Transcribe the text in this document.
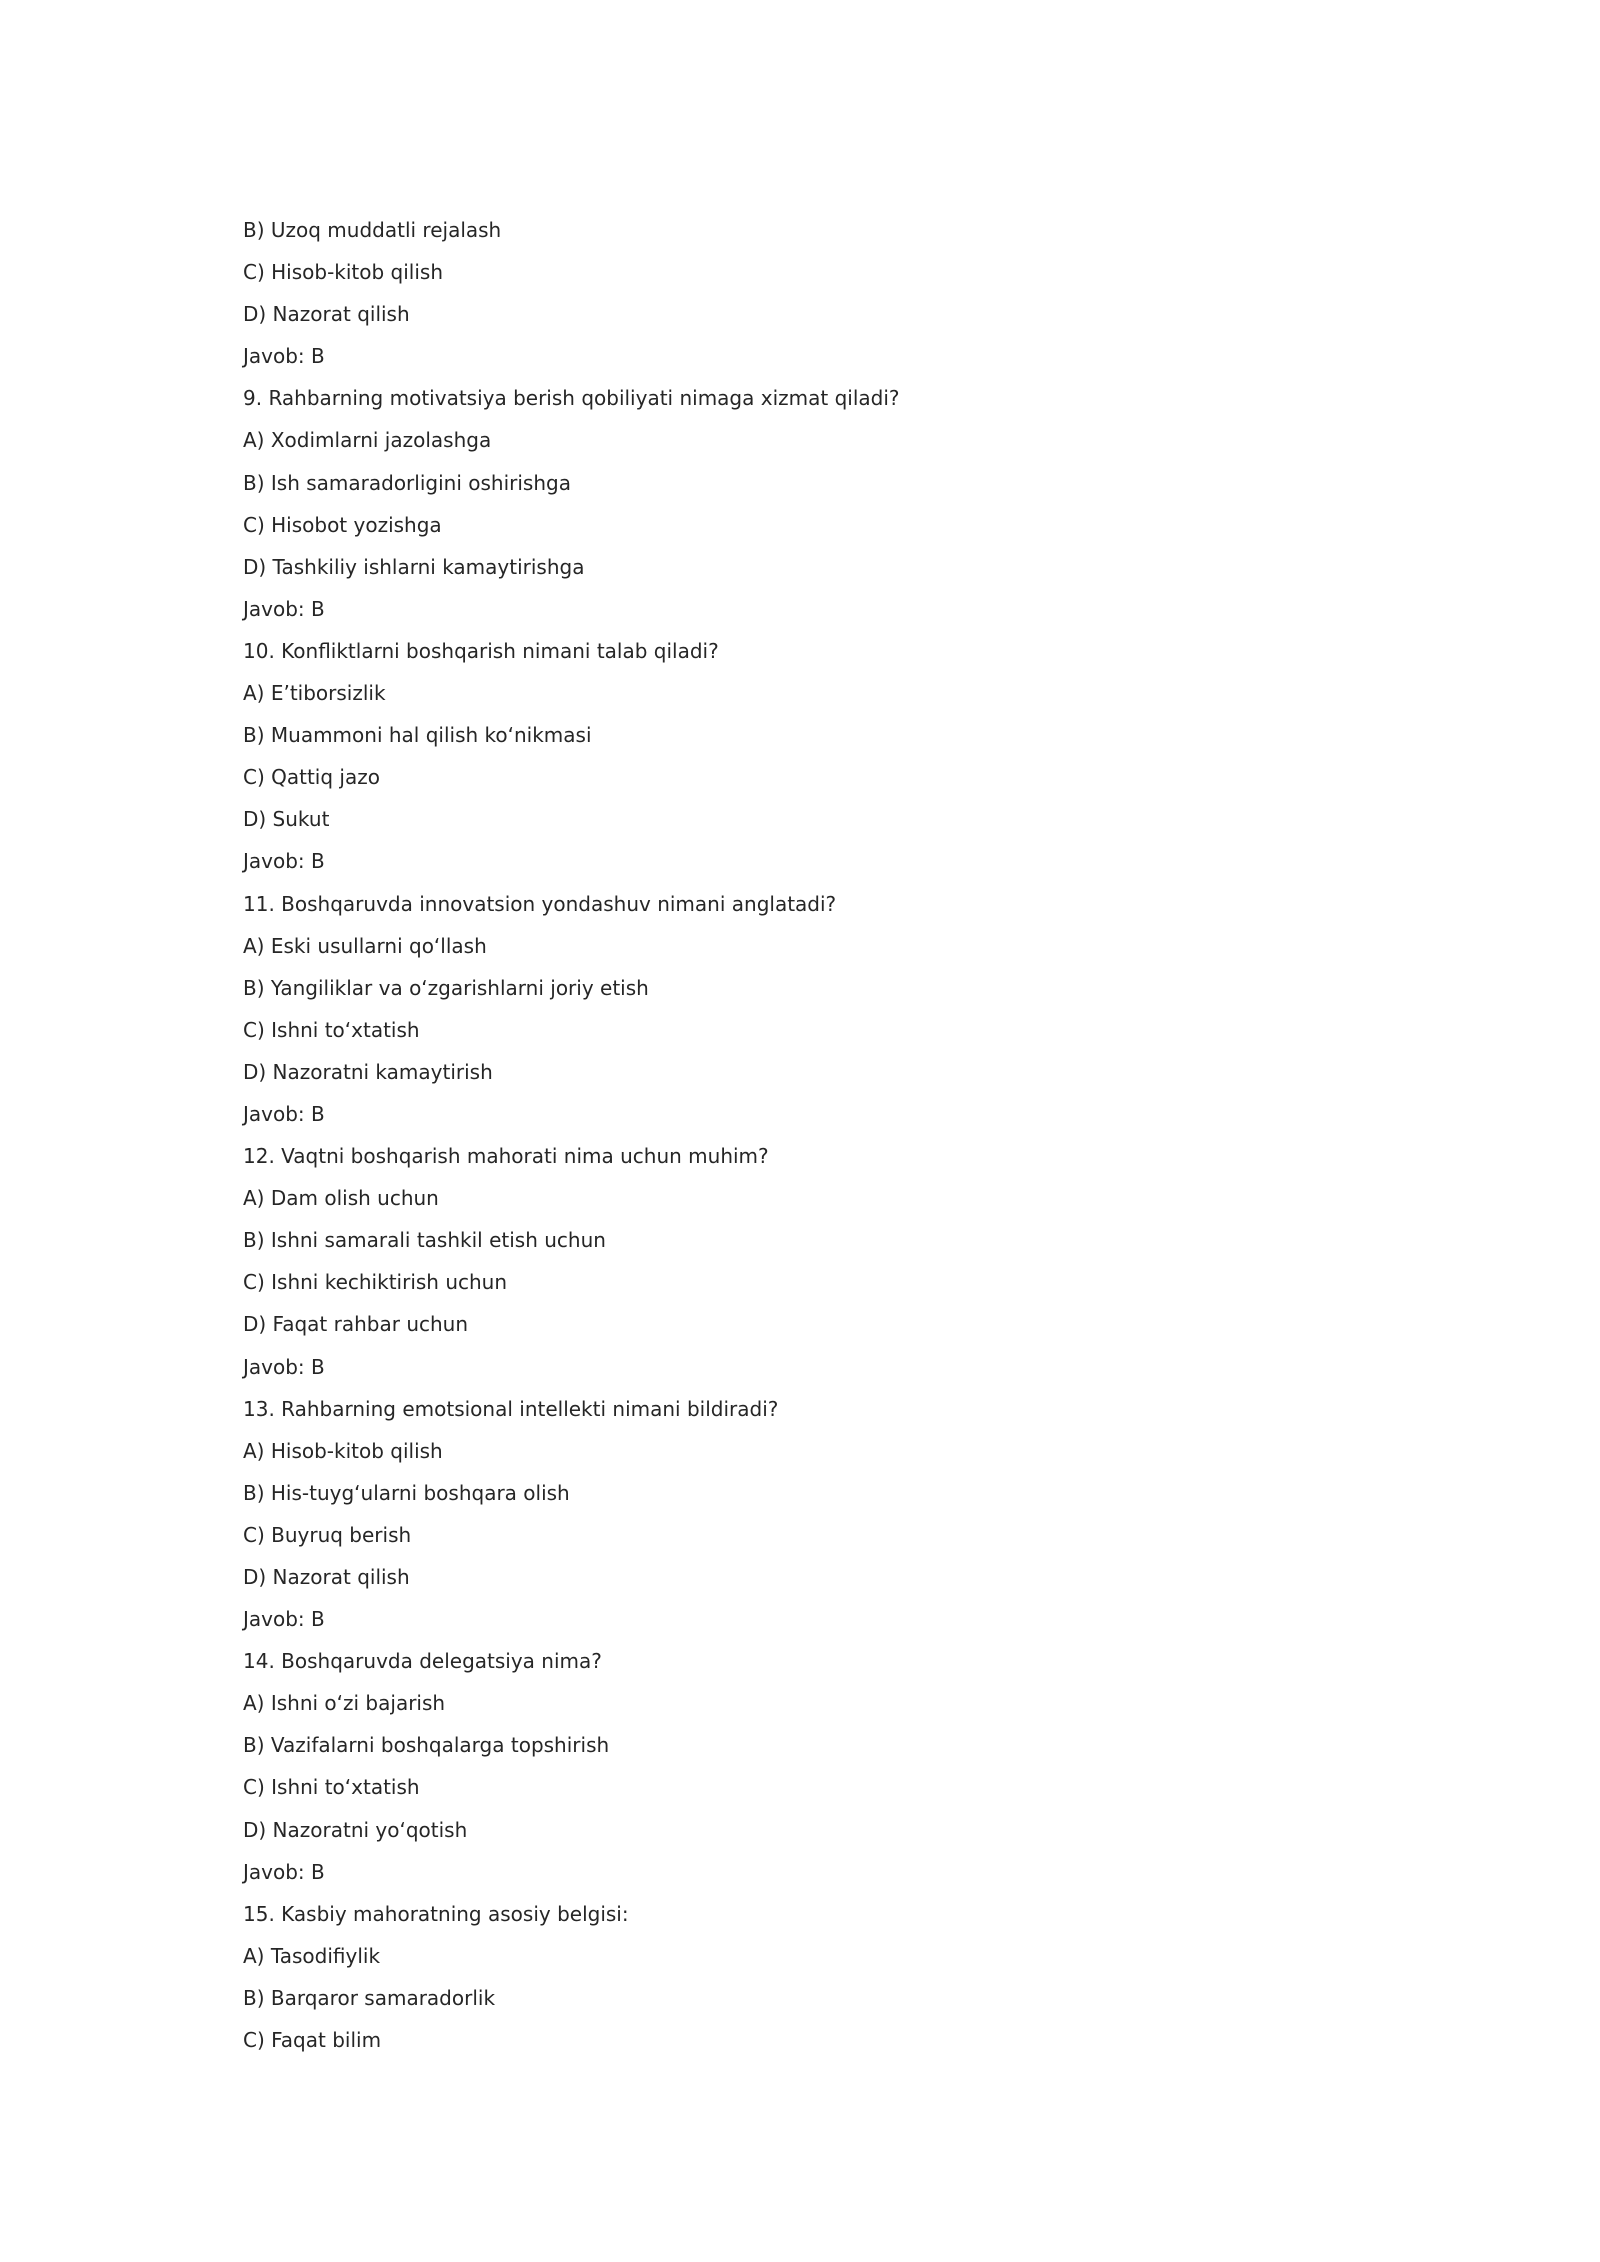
B) Uzoq muddatli rejalash
C) Hisob-kitob qilish
D) Nazorat qilish
Javob: B
9. Rahbarning motivatsiya berish qobiliyati nimaga xizmat qiladi?
A) Xodimlarni jazolashga
B) Ish samaradorligini oshirishga
C) Hisobot yozishga
D) Tashkiliy ishlarni kamaytirishga
Javob: B
10. Konfliktlarni boshqarish nimani talab qiladi?
A) E’tiborsizlik
B) Muammoni hal qilish ko‘nikmasi
C) Qattiq jazo
D) Sukut
Javob: B
11. Boshqaruvda innovatsion yondashuv nimani anglatadi?
A) Eski usullarni qo‘llash
B) Yangiliklar va o‘zgarishlarni joriy etish
C) Ishni to‘xtatish
D) Nazoratni kamaytirish
Javob: B
12. Vaqtni boshqarish mahorati nima uchun muhim?
A) Dam olish uchun
B) Ishni samarali tashkil etish uchun
C) Ishni kechiktirish uchun
D) Faqat rahbar uchun
Javob: B
13. Rahbarning emotsional intellekti nimani bildiradi?
A) Hisob-kitob qilish
B) His-tuyg‘ularni boshqara olish
C) Buyruq berish
D) Nazorat qilish
Javob: B
14. Boshqaruvda delegatsiya nima?
A) Ishni o‘zi bajarish
B) Vazifalarni boshqalarga topshirish
C) Ishni to‘xtatish
D) Nazoratni yo‘qotish
Javob: B
15. Kasbiy mahoratning asosiy belgisi:
A) Tasodifiylik
B) Barqaror samaradorlik
C) Faqat bilim
